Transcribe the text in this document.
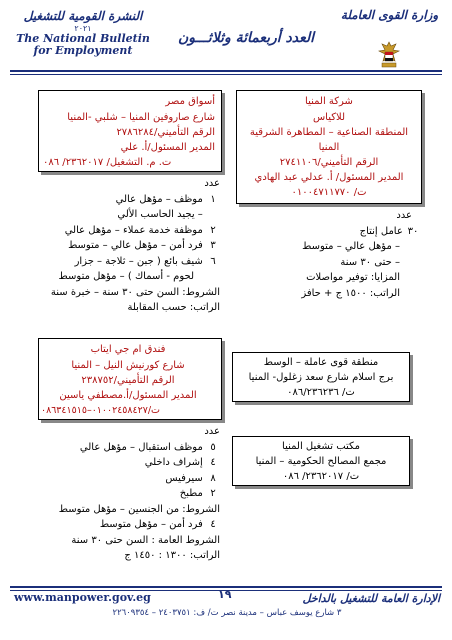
النشرة القومية للتشغيل
٢٠٢١
The National Bulletin for Employment
العدد أربعمائة وثلاثـــون
وزارة القوى العاملة
أسواق مصر
شارع صاروفين المنيا – شلبي -المنيا
الرقم التأميني/٢٧٨٦٢٨٤
المدير المسئول/أ. علي
ت. م. التشغيل/ ٢٣٦٢٠١٧/ ٠٨٦
عدد
١ موظف – مؤهل عالي
– يجيد الحاسب الألي
٢ موظفة خدمة عملاء – مؤهل عالي
٣ فرد أمن – مؤهل عالي – متوسط
٦ شيف بائع ( جبن – ثلاجة – جزار
لحوم - أسماك ) – مؤهل متوسط
الشروط: السن حتى ٣٠ سنة – خبرة سنة
الراتب: حسب المقابلة
شركة المنيا
للاكياس
المنطقة الصناعية – المطاهرة الشرقية
المنيا
الرقم التأميني/٢٧٤١١٠٦
المدير المسئول/ أ. عدلي عبد الهادي
ت/ ٠١٠٠٤٧١١٧٧٠
عدد
٣٠ عامل إنتاج
– مؤهل عالي – متوسط
– حتى ٣٠ سنة
المزايا: توفير مواصلات
الراتب: ١٥٠٠ ج + حافز
فندق ام جي ايتاب
شارع كورنيش النيل – المنيا
الرقم التأميني/٢٣٨٧٥٢
المدير المسئول/أ.مصطفي ياسين
ت/٠١٠٠٢٤٥٨٤٢٧–٠٨٦٣٤١٥١٥
عدد
٥ موظف استقبال – مؤهل عالي
٤ إشراف داخلي
٨ سيرفيس
٢ مطبخ
الشروط: من الجنسين – مؤهل متوسط
٤ فرد أمن – مؤهل متوسط
الشروط العامة : السن حتى ٣٠ سنة
الراتب: ١٣٠٠ : ١٤٥٠ ج
منطقة قوى عاملة – الوسط
برج اسلام شارع سعد زغلول- المنيا
ت/ ٠٨٦/٢٣٦٢٣٦
مكتب تشغيل المنيا
مجمع المصالح الحكومية – المنيا
ت/ ٢٣٦٢٠١٧/ ٠٨٦
www.manpower.gov.eg	١٩	الإدارة العامة للتشغيل بالداخل
٣ شارع يوسف عباس – مدينة نصر ت/ ف: ٢٤٠٣٧٥١ – ٢٢٦٠٩٣٥٤
